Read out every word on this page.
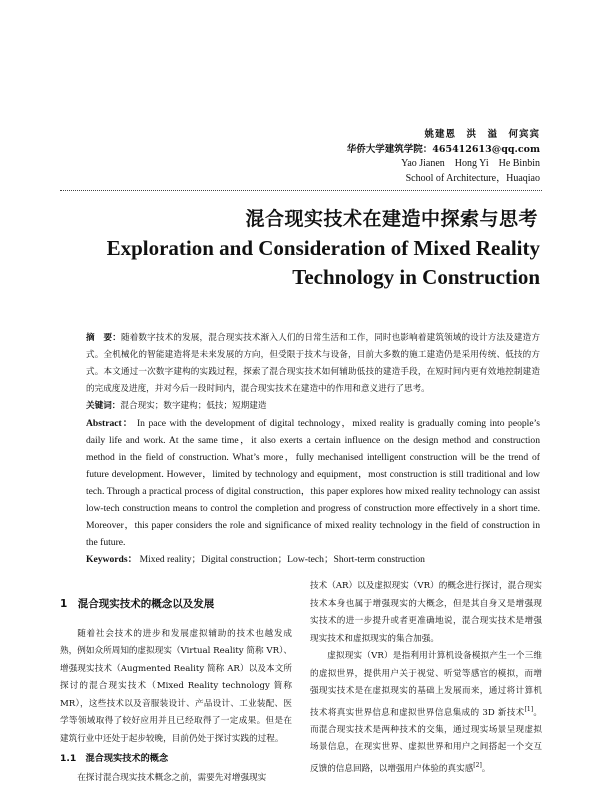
姚建恩　洪　溢　何宾宾
华侨大学建筑学院：465412613@qq.com
Yao Jianen　Hong Yi　He Binbin
School of Architecture，Huaqiao
混合现实技术在建造中探索与思考
Exploration and Consideration of Mixed Reality
Technology in Construction

摘　要：随着数字技术的发展，混合现实技术渐入人们的日常生活和工作，同时也影响着建筑领域的设计方法及建造方式。全机械化的智能建造将是未来发展的方向，但受限于技术与设备，目前大多数的施工建造仍是采用传统、低技的方式。本文通过一次数字建构的实践过程，探索了混合现实技术如何辅助低技的建造手段，在短时间内更有效地控制建造的完成度及进度，并对今后一段时间内，混合现实技术在建造中的作用和意义进行了思考。

关键词：混合现实；数字建构；低技；短期建造

Abstract： In pace with the development of digital technology，mixed reality is gradually coming into people’s daily life and work. At the same time，it also exerts a certain influence on the design method and construction method in the field of construction. What’s more，fully mechanised intelligent construction will be the trend of future development. However，limited by technology and equipment，most construction is still traditional and low tech. Through a practical process of digital construction，this paper explores how mixed reality technology can assist low-tech construction means to control the completion and progress of construction more effectively in a short time. Moreover，this paper considers the role and significance of mixed reality technology in the field of construction in the future.

Keywords： Mixed reality；Digital construction；Low-tech；Short-term construction

1　混合现实技术的概念以及发展

随着社会技术的进步和发展虚拟辅助的技术也越发成熟，例如众所周知的虚拟现实（Virtual Reality 简称 VR）、增强现实技术（Augmented Reality 简称 AR）以及本文所探讨的混合现实技术（Mixed Reality technology 简称 MR），这些技术以及音服装设计、产品设计、工业装配、医学等领域取得了较好应用并且已经取得了一定成果。但是在建筑行业中还处于起步较晚，目前仍处于探讨实践的过程。

1.1　混合现实技术的概念

在探讨混合现实技术概念之前，需要先对增强现实

技术（AR）以及虚拟现实（VR）的概念进行探讨，混合现实技术本身也属于增强现实的大概念，但是其自身又是增强现实技术的进一步提升或者更准确地说，混合现实技术是增强现实技术和虚拟现实的集合加强。

虚拟现实（VR）是指利用计算机设备模拟产生一个三维的虚拟世界，提供用户关于视觉、听觉等感官的模拟，而增强现实技术是在虚拟现实的基础上发展而来，通过将计算机技术将真实世界信息和虚拟世界信息集成的 3D 新技术[1]。而混合现实技术是两种技术的交集，通过现实场景呈现虚拟场景信息，在现实世界、虚拟世界和用户之间搭起一个交互反馈的信息回路，以增强用户体验的真实感[2]。
